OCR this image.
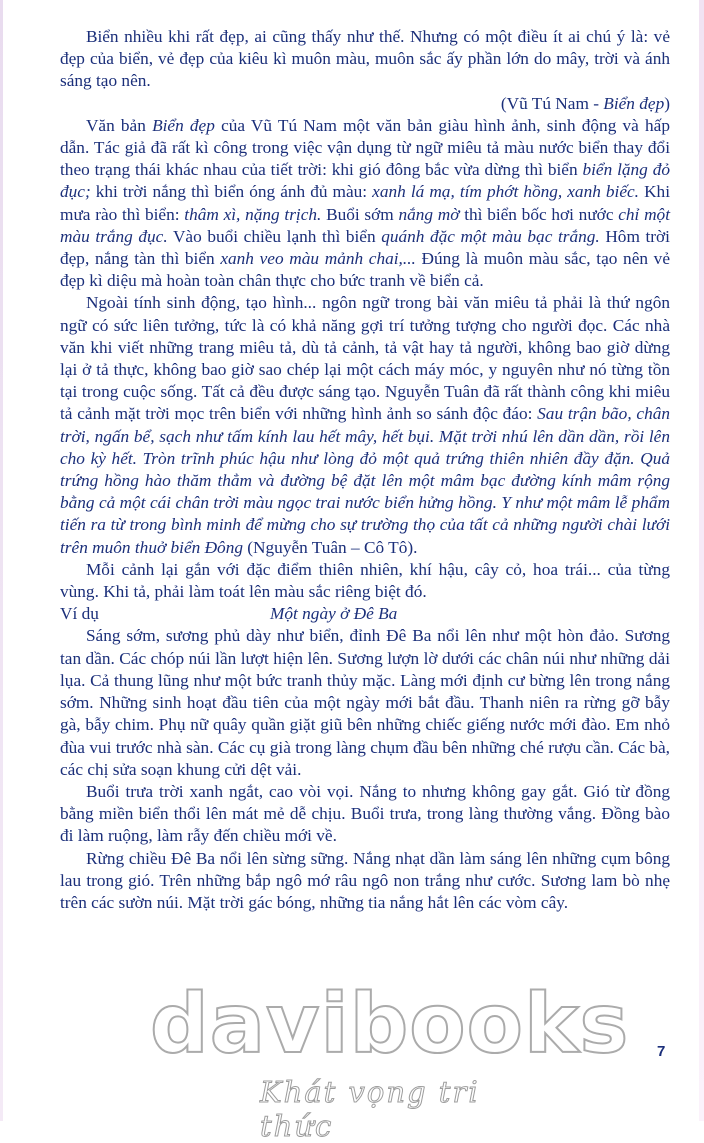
Biển nhiều khi rất đẹp, ai cũng thấy như thế. Nhưng có một điều ít ai chú ý là: vẻ đẹp của biển, vẻ đẹp của kiêu kì muôn màu, muôn sắc ấy phần lớn do mây, trời và ánh sáng tạo nên.

(Vũ Tú Nam - Biển đẹp)

Văn bản Biển đẹp của Vũ Tú Nam một văn bản giàu hình ảnh, sinh động và hấp dẫn. Tác giả đã rất kì công trong việc vận dụng từ ngữ miêu tả màu nước biển thay đổi theo trạng thái khác nhau của tiết trời: khi gió đông bắc vừa dừng thì biển biển lặng đỏ đục; khi trời nắng thì biển óng ánh đủ màu: xanh lá mạ, tím phớt hồng, xanh biếc. Khi mưa rào thì biển: thâm xì, nặng trịch. Buổi sớm nắng mờ thì biển bốc hơi nước chỉ một màu trắng đục. Vào buổi chiều lạnh thì biển quánh đặc một màu bạc trắng. Hôm trời đẹp, nắng tàn thì biển xanh veo màu mảnh chai,... Đúng là muôn màu sắc, tạo nên vẻ đẹp kì diệu mà hoàn toàn chân thực cho bức tranh về biển cả.

Ngoài tính sinh động, tạo hình... ngôn ngữ trong bài văn miêu tả phải là thứ ngôn ngữ có sức liên tưởng, tức là có khả năng gợi trí tưởng tượng cho người đọc. Các nhà văn khi viết những trang miêu tả, dù tả cảnh, tả vật hay tả người, không bao giờ dừng lại ở tả thực, không bao giờ sao chép lại một cách máy móc, y nguyên như nó từng tồn tại trong cuộc sống. Tất cả đều được sáng tạo. Nguyễn Tuân đã rất thành công khi miêu tả cảnh mặt trời mọc trên biển với những hình ảnh so sánh độc đáo: Sau trận bão, chân trời, ngấn bể, sạch như tấm kính lau hết mây, hết bụi. Mặt trời nhú lên dần dần, rồi lên cho kỳ hết. Tròn trĩnh phúc hậu như lòng đỏ một quả trứng thiên nhiên đầy đặn. Quả trứng hồng hào thăm thẳm và đường bệ đặt lên một mâm bạc đường kính mâm rộng bằng cả một cái chân trời màu ngọc trai nước biển hửng hồng. Y như một mâm lễ phẩm tiến ra từ trong bình minh để mừng cho sự trường thọ của tất cả những người chài lưới trên muôn thuở biển Đông (Nguyễn Tuân – Cô Tô).

Mỗi cảnh lại gắn với đặc điểm thiên nhiên, khí hậu, cây cỏ, hoa trái... của từng vùng. Khi tả, phải làm toát lên màu sắc riêng biệt đó.

Ví dụ	Một ngày ở Đê Ba

Sáng sớm, sương phủ dày như biển, đỉnh Đê Ba nổi lên như một hòn đảo. Sương tan dần. Các chóp núi lần lượt hiện lên. Sương lượn lờ dưới các chân núi như những dải lụa. Cả thung lũng như một bức tranh thủy mặc. Làng mới định cư bừng lên trong nắng sớm. Những sinh hoạt đầu tiên của một ngày mới bắt đầu. Thanh niên ra rừng gỡ bẫy gà, bẫy chim. Phụ nữ quây quần giặt giũ bên những chiếc giếng nước mới đào. Em nhỏ đùa vui trước nhà sàn. Các cụ già trong làng chụm đầu bên những ché rượu cần. Các bà, các chị sửa soạn khung cửi dệt vải.

Buổi trưa trời xanh ngắt, cao vòi vọi. Nắng to nhưng không gay gắt. Gió từ đồng bằng miền biển thổi lên mát mẻ dễ chịu. Buổi trưa, trong làng thường vắng. Đồng bào đi làm ruộng, làm rẫy đến chiều mới về.

Rừng chiều Đê Ba nổi lên sừng sững. Nắng nhạt dần làm sáng lên những cụm bông lau trong gió. Trên những bắp ngô mớ râu ngô non trắng như cước. Sương lam bò nhẹ trên các sườn núi. Mặt trời gác bóng, những tia nắng hắt lên các vòm cây.

7
davibooks
Khát vọng tri thức
